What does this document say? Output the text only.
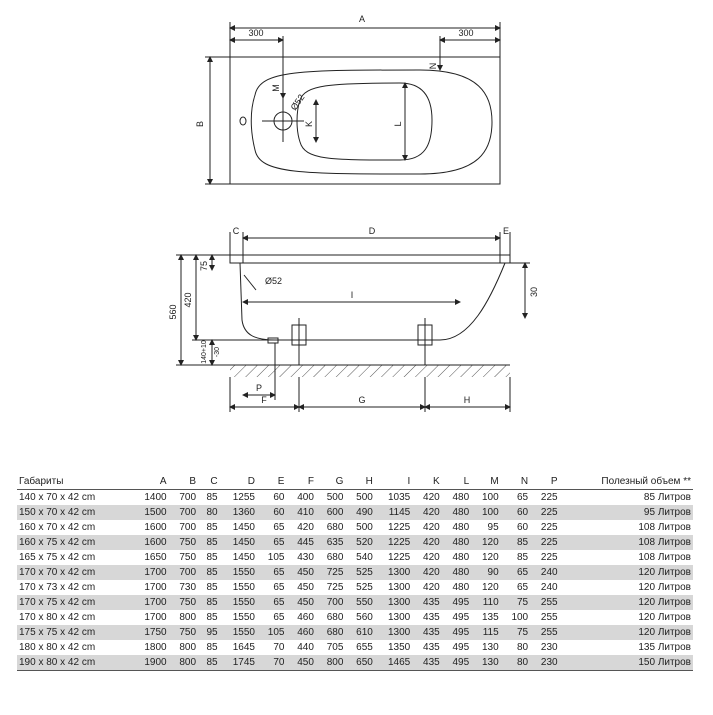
A
B
300	300
M
N
K	L
Ø52
C	D	E
75
420
560
140+10 -30
30
I
Ø52
P
F	G	H
Габариты	A	B	C	D	E	F	G	H	I	K	L	M	N	P	Полезный объем **
140 x 70 x 42 cm	1400	700	85	1255	60	400	500	500	1035	420	480	100	65	225	85 Литров
150 x 70 x 42 cm	1500	700	80	1360	60	410	600	490	1145	420	480	100	60	225	95 Литров
160 x 70 x 42 cm	1600	700	85	1450	65	420	680	500	1225	420	480	95	60	225	108 Литров
160 x 75 x 42 cm	1600	750	85	1450	65	445	635	520	1225	420	480	120	85	225	108 Литров
165 x 75 x 42 cm	1650	750	85	1450	105	430	680	540	1225	420	480	120	85	225	108 Литров
170 x 70 x 42 cm	1700	700	85	1550	65	450	725	525	1300	420	480	90	65	240	120 Литров
170 x 73 x 42 cm	1700	730	85	1550	65	450	725	525	1300	420	480	120	65	240	120 Литров
170 x 75 x 42 cm	1700	750	85	1550	65	450	700	550	1300	435	495	110	75	255	120 Литров
170 x 80 x 42 cm	1700	800	85	1550	65	460	680	560	1300	435	495	135	100	255	120 Литров
175 x 75 x 42 cm	1750	750	95	1550	105	460	680	610	1300	435	495	115	75	255	120 Литров
180 x 80 x 42 cm	1800	800	85	1645	70	440	705	655	1350	435	495	130	80	230	135 Литров
190 x 80 x 42 cm	1900	800	85	1745	70	450	800	650	1465	435	495	130	80	230	150 Литров
